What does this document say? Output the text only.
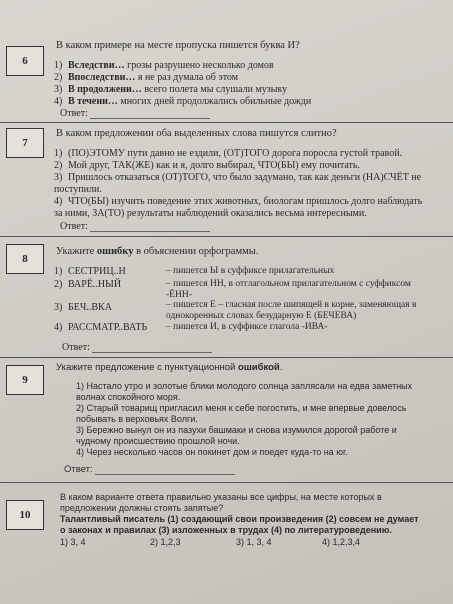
6
В каком примере на месте пропуска пишется буква И?
1) Вследстви… грозы разрушено несколько домов
2) Впоследстви… я не раз думала об этом
3) В продолжени… всего полета мы слушали музыку
4) В течени… многих дней продолжались обильные дожди
Ответ:
7
В каком предложении оба выделенных слова пишутся слитно?
1) (ПО)ЭТОМУ пути давно не ездили, (ОТ)ТОГО дорога поросла густой травой.
2) Мой друг, ТАК(ЖЕ) как и я, долго выбирал, ЧТО(БЫ) ему почитать.
3) Пришлось отказаться (ОТ)ТОГО, что было задумано, так как деньги (НА)СЧЁТ не поступили.
4) ЧТО(БЫ) изучить поведение этих животных, биологам пришлось долго наблюдать за ними, ЗА(ТО) результаты наблюдений оказались весьма интересными.
Ответ:
8
Укажите ошибку в объяснении орфограммы.
1) СЕСТРИЦ..Н	– пишется Ы в суффиксе прилагательных
2) ВАРЁ..НЫЙ	– пишется НН, в отглагольном прилагательном с суффиксом -ЁНН-
3) БЕЧ..ВКА	– пишется Е – гласная после шипящей в корне, заменяющая в однокоренных словах безударную Е (БЕЧЕВА)
4) РАССМАТР..ВАТЬ – пишется И, в суффиксе глагола -ИВА-
Ответ:
9
Укажите предложение с пунктуационной ошибкой.
1) Настало утро и золотые блики молодого солнца заплясали на едва заметных волнах спокойного моря.
2) Старый товарищ пригласил меня к себе погостить, и мне впервые довелось побывать в верховьях Волги.
3) Бережно вынул он из пазухи башмаки и снова изумился дорогой работе и чудному происшествию прошлой ночи.
4) Через несколько часов он покинет дом и поедет куда-то на юг.
Ответ:
10
В каком варианте ответа правильно указаны все цифры, на месте которых в предложении должны стоять запятые?
Талантливый писатель (1) создающий свои произведения (2) совсем не думает о законах и правилах (3) изложенных в трудах (4) по литературоведению.
1) 3, 4	2) 1,2,3	3) 1, 3, 4	4) 1,2,3,4
